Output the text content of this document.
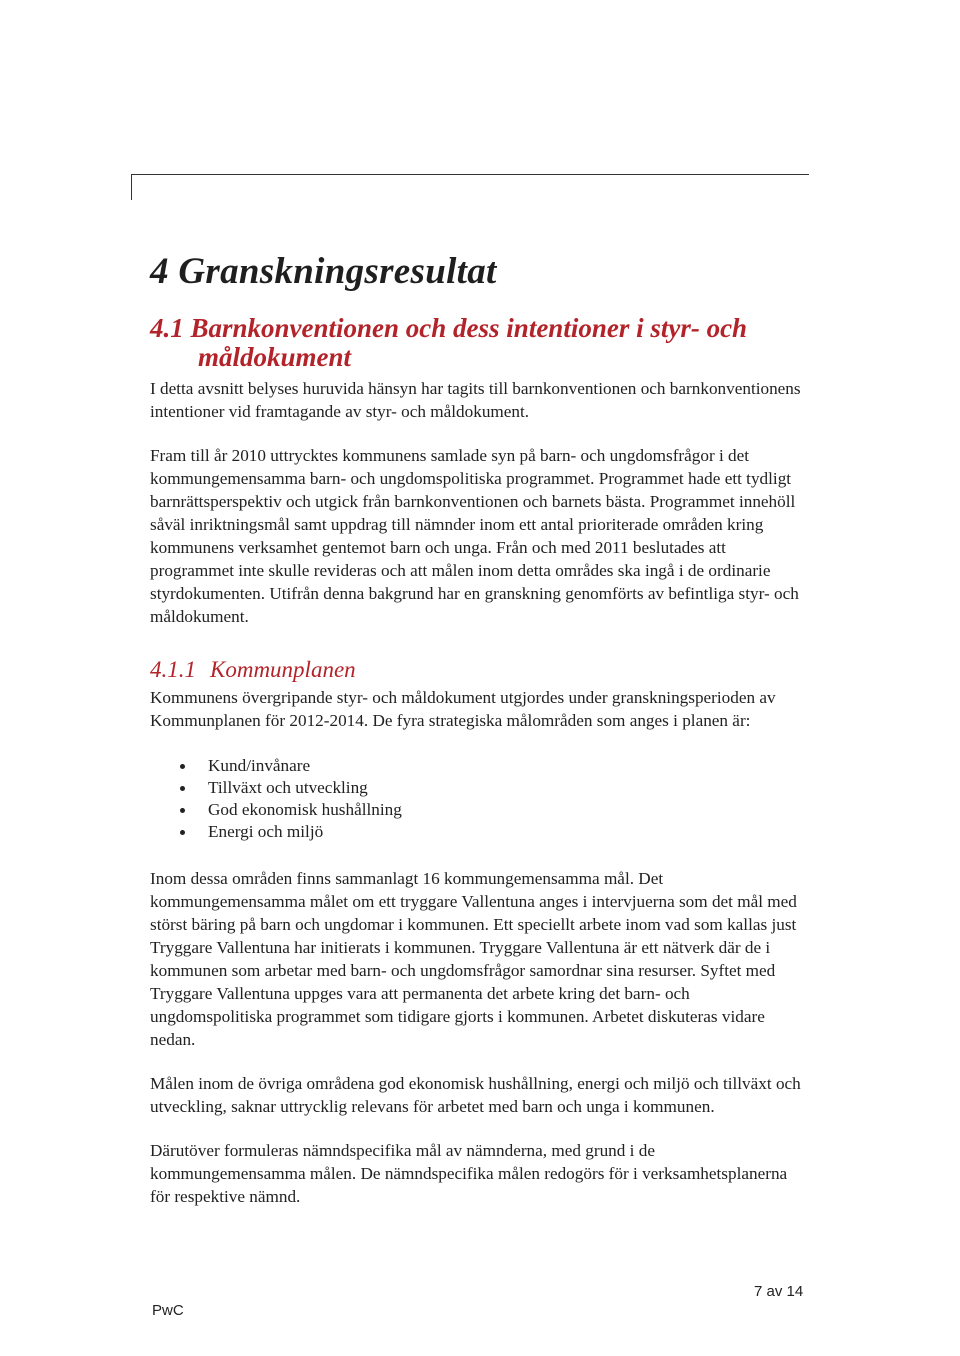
4 Granskningsresultat
4.1 Barnkonventionen och dess intentioner i styr- och måldokument

I detta avsnitt belyses huruvida hänsyn har tagits till barnkonventionen och barnkonventionens intentioner vid framtagande av styr- och måldokument.

Fram till år 2010 uttrycktes kommunens samlade syn på barn- och ungdomsfrågor i det kommungemensamma barn- och ungdomspolitiska programmet. Programmet hade ett tydligt barnrättsperspektiv och utgick från barnkonventionen och barnets bästa. Programmet innehöll såväl inriktningsmål samt uppdrag till nämnder inom ett antal prioriterade områden kring kommunens verksamhet gentemot barn och unga. Från och med 2011 beslutades att programmet inte skulle revideras och att målen inom detta områdes ska ingå i de ordinarie styrdokumenten. Utifrån denna bakgrund har en granskning genomförts av befintliga styr- och måldokument.

4.1.1 Kommunplanen

Kommunens övergripande styr- och måldokument utgjordes under granskningsperioden av Kommunplanen för 2012-2014. De fyra strategiska målområden som anges i planen är:

Kund/invånare
Tillväxt och utveckling
God ekonomisk hushållning
Energi och miljö

Inom dessa områden finns sammanlagt 16 kommungemensamma mål. Det kommungemensamma målet om ett tryggare Vallentuna anges i intervjuerna som det mål med störst bäring på barn och ungdomar i kommunen. Ett speciellt arbete inom vad som kallas just Tryggare Vallentuna har initierats i kommunen. Tryggare Vallentuna är ett nätverk där de i kommunen som arbetar med barn- och ungdomsfrågor samordnar sina resurser. Syftet med Tryggare Vallentuna uppges vara att permanenta det arbete kring det barn- och ungdomspolitiska programmet som tidigare gjorts i kommunen. Arbetet diskuteras vidare nedan.

Målen inom de övriga områdena god ekonomisk hushållning, energi och miljö och tillväxt och utveckling, saknar uttrycklig relevans för arbetet med barn och unga i kommunen.

Därutöver formuleras nämndspecifika mål av nämnderna, med grund i de kommungemensamma målen. De nämndspecifika målen redogörs för i verksamhetsplanerna för respektive nämnd.

PwC
7 av 14
